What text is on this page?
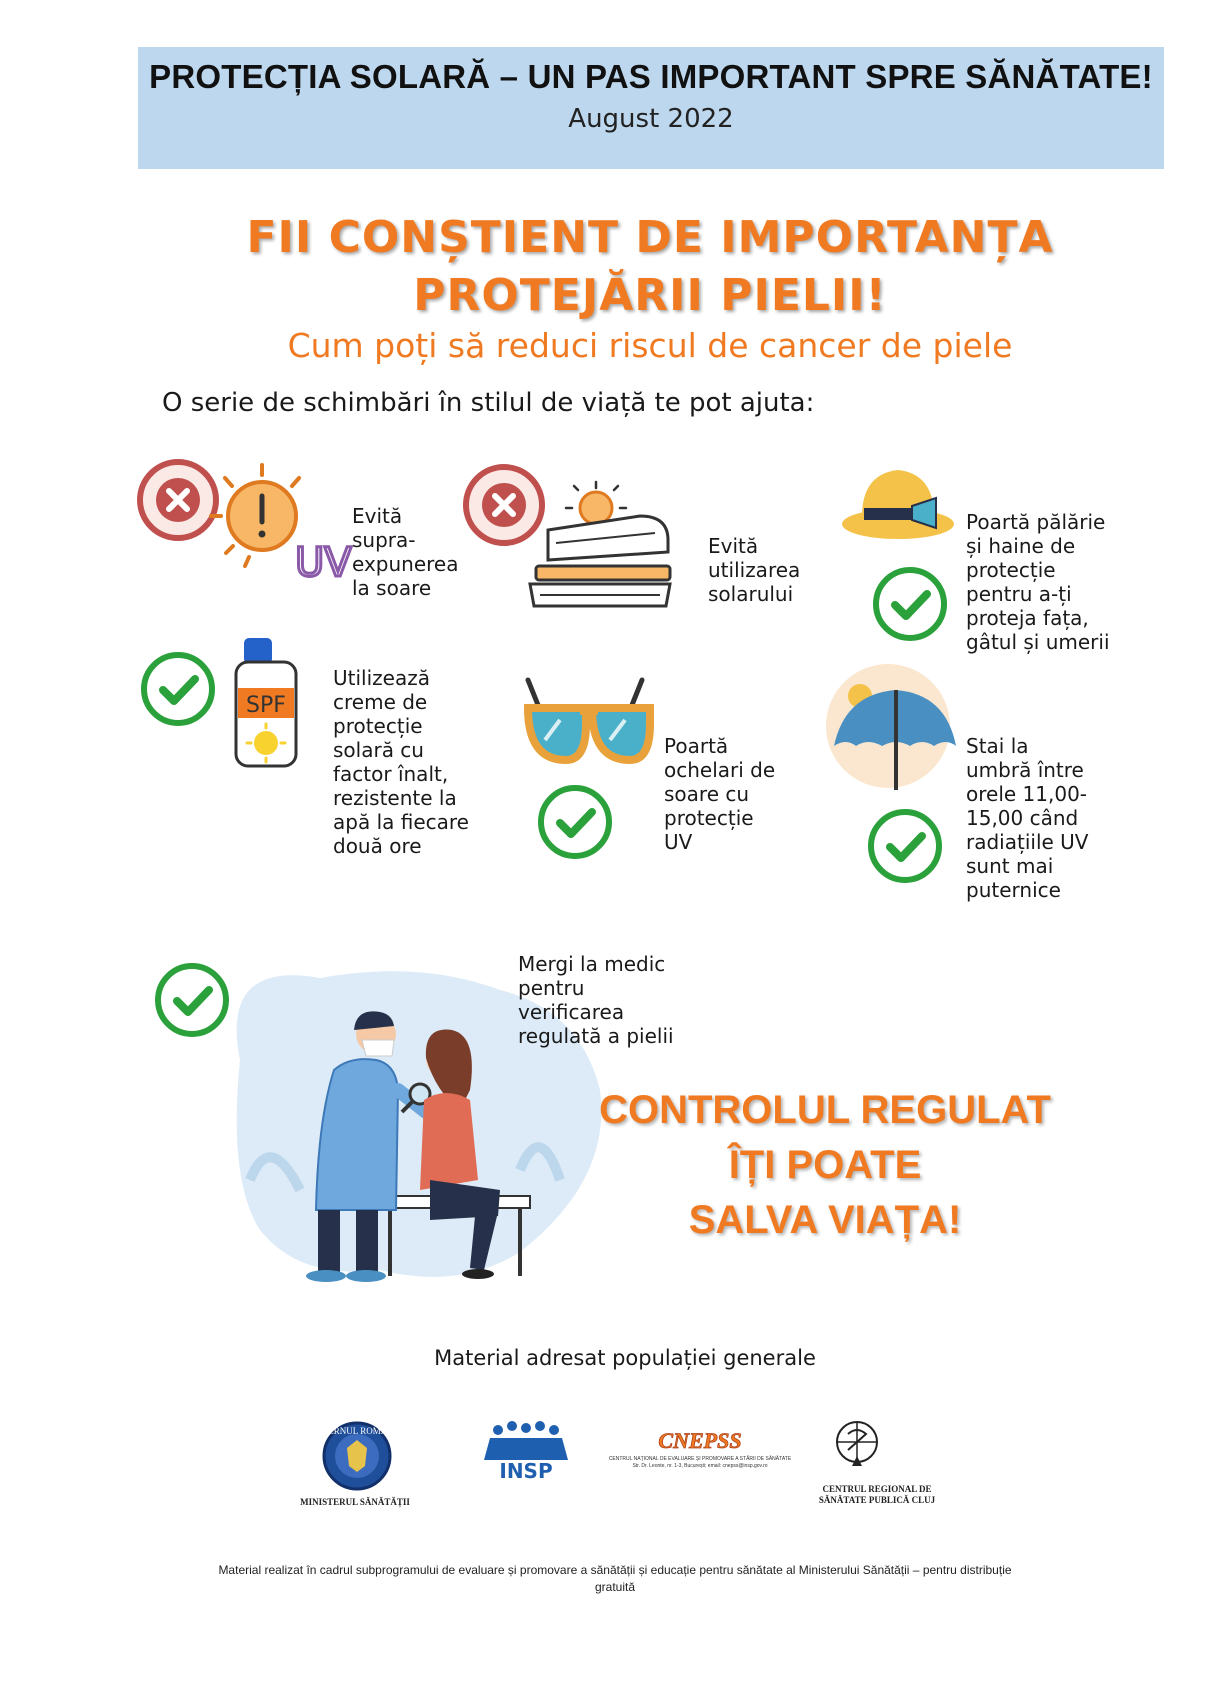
PROTECȚIA SOLARĂ – UN PAS IMPORTANT SPRE SĂNĂTATE!
August 2022
FII CONȘTIENT DE IMPORTANȚA
PROTEJĂRII PIELII!
Cum poți să reduci riscul de cancer de piele
O serie de schimbări în stilul de viață te pot ajuta:
UV
SPF
Evită
supra-
expunerea
la soare
Evită
utilizarea
solarului
Poartă pălărie
și haine de
protecție
pentru a-ți
proteja fața,
gâtul și umerii
Utilizează
creme de
protecție
solară cu
factor înalt,
rezistente la
apă la fiecare
două ore
Poartă
ochelari de
soare cu
protecție
UV
Stai la
umbră între
orele 11,00-
15,00 când
radiațiile UV
sunt mai
puternice
Mergi la medic
pentru
verificarea
regulată a pielii
CONTROLUL REGULAT
ÎȚI POATE
SALVA VIAȚA!
Material adresat populației generale
GUVERNUL ROMÂNIEI
MINISTERUL SĂNĂTĂȚII
INSP
CNEPSS
CENTRUL NAȚIONAL DE EVALUARE ȘI PROMOVARE A STĂRII DE SĂNĂTATE
Str. Dr. Leonte, nr. 1-3, București; email: cnepss@insp.gov.ro
CENTRUL REGIONAL DE
SĂNĂTATE PUBLICĂ CLUJ
Material realizat în cadrul subprogramului de evaluare și promovare a sănătății și educație pentru sănătate al Ministerului Sănătății – pentru distribuție
gratuită
